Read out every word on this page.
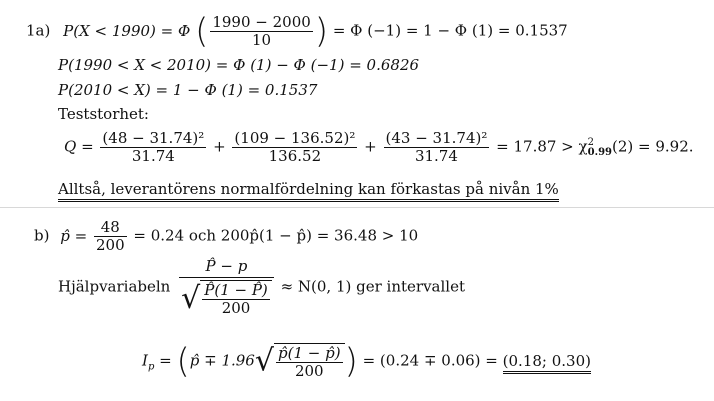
1a) P(X < 1990) = Φ ( $\frac{1990 - 2000}{10}$ ) = Φ (−1) = 1 − Φ (1) = 0.1537
P(1990 < X < 2010) = Φ (1) − Φ (−1) = 0.6826
P(2010 < X) = 1 − Φ (1) = 0.1537
Teststorhet:
$Q = \frac{\text{(48 − 31.74)²}}{31.74} + \frac{\text{(109 − 136.52)²}}{136.52} + \frac{\text{(43 − 31.74)²}}{31.74} = 17.87 > \chi$ 2
0.99 (2) = 9.92.
Alltså, leverantörens normalfördelning kan förkastas på nivån 1%
b) p̂ = $\frac{48}{200} = 0.24$ och 200p̂(1 − p̂) = 36.48 > 10
Hjälpvariabeln $\frac{P̂ - p}{√ \frac{P̂(1 - P̂)}{200}} \approx N(0$, 1) ger intervallet
$I_p$ = (p̂ ∓ $1.96√ \frac{p̂(1 - p̂)}{200}$ ) = (0.24 ∓ 0.06) = (0.18; 0.30)
